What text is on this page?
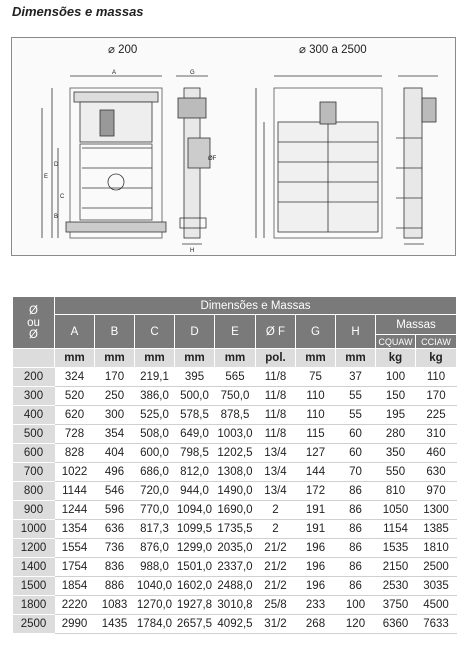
Dimensões e massas
A
B
C
D
E
ØF
G
H
⌀ 200	⌀ 300 a 2500
Ø
ou
Ø	Dimensões e Massas									
	A	B	C	D	E	Ø F	G	H	Massas	
									CQUAW	CCIAW
	mm	mm	mm	mm	mm	pol.	mm	mm	kg	kg
200	324	170	219,1	395	565	11/8	75	37	100	110
300	520	250	386,0	500,0	750,0	11/8	110	55	150	170
400	620	300	525,0	578,5	878,5	11/8	110	55	195	225
500	728	354	508,0	649,0	1003,0	11/8	115	60	280	310
600	828	404	600,0	798,5	1202,5	13/4	127	60	350	460
700	1022	496	686,0	812,0	1308,0	13/4	144	70	550	630
800	1144	546	720,0	944,0	1490,0	13/4	172	86	810	970
900	1244	596	770,0	1094,0	1690,0	2	191	86	1050	1300
1000	1354	636	817,3	1099,5	1735,5	2	191	86	1154	1385
1200	1554	736	876,0	1299,0	2035,0	21/2	196	86	1535	1810
1400	1754	836	988,0	1501,0	2337,0	21/2	196	86	2150	2500
1500	1854	886	1040,0	1602,0	2488,0	21/2	196	86	2530	3035
1800	2220	1083	1270,0	1927,8	3010,8	25/8	233	100	3750	4500
2500	2990	1435	1784,0	2657,5	4092,5	31/2	268	120	6360	7633
